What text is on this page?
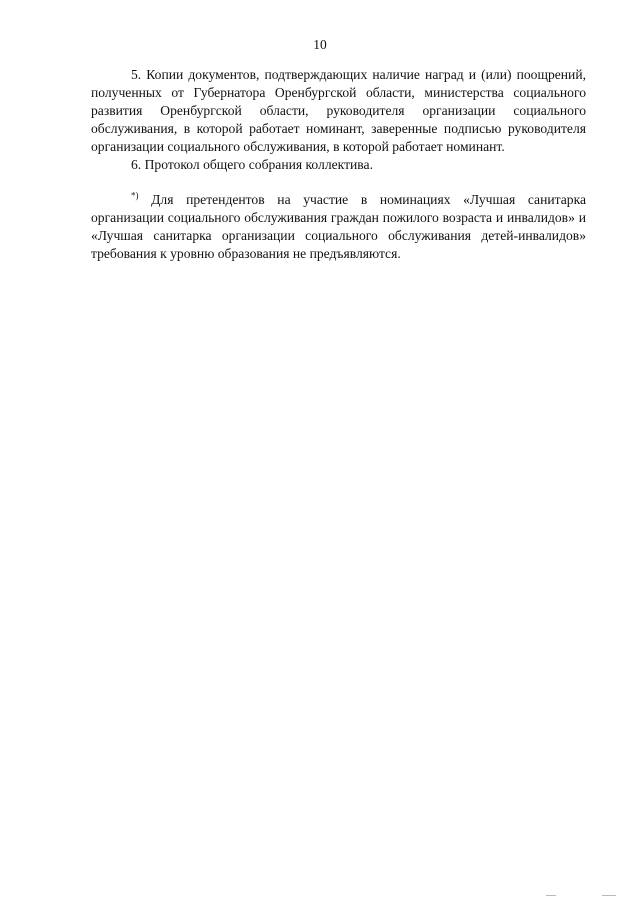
10

5. Копии документов, подтверждающих наличие наград и (или) поощрений, полученных от Губернатора Оренбургской области, министерства социального развития Оренбургской области, руководителя организации социального обслуживания, в которой работает номинант, заверенные подписью руководителя организации социального обслуживания, в которой работает номинант.

6. Протокол общего собрания коллектива.

*) Для претендентов на участие в номинациях «Лучшая санитарка организации социального обслуживания граждан пожилого возраста и инвалидов» и «Лучшая санитарка организации социального обслуживания детей-инвалидов» требования к уровню образования не предъявляются.
